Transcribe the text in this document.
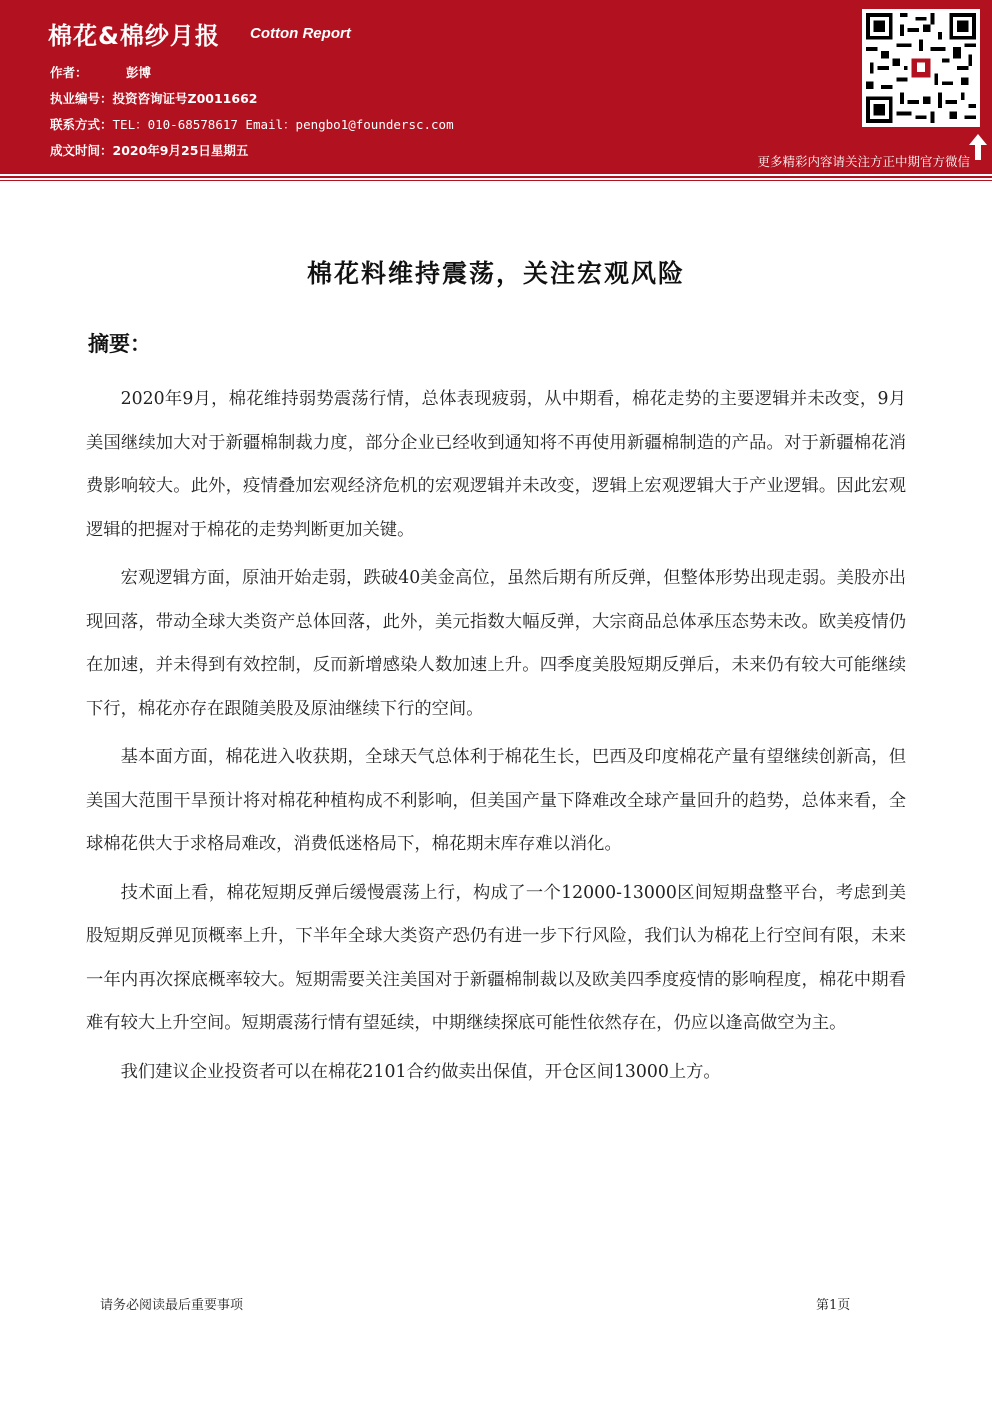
棉花&棉纱月报 Cotton Report
作者：	彭博
执业编号：投资咨询证号Z0011662
联系方式：TEL：010-68578617 Email：pengbo1@foundersc.com
成文时间：2020年9月25日星期五
更多精彩内容请关注方正中期官方微信
棉花料维持震荡，关注宏观风险
摘要：

2020年9月，棉花维持弱势震荡行情，总体表现疲弱，从中期看，棉花走势的主要逻辑并未改变，9月美国继续加大对于新疆棉制裁力度，部分企业已经收到通知将不再使用新疆棉制造的产品。对于新疆棉花消费影响较大。此外，疫情叠加宏观经济危机的宏观逻辑并未改变，逻辑上宏观逻辑大于产业逻辑。因此宏观逻辑的把握对于棉花的走势判断更加关键。

宏观逻辑方面，原油开始走弱，跌破40美金高位，虽然后期有所反弹，但整体形势出现走弱。美股亦出现回落，带动全球大类资产总体回落，此外，美元指数大幅反弹，大宗商品总体承压态势未改。欧美疫情仍在加速，并未得到有效控制，反而新增感染人数加速上升。四季度美股短期反弹后，未来仍有较大可能继续下行，棉花亦存在跟随美股及原油继续下行的空间。

基本面方面，棉花进入收获期，全球天气总体利于棉花生长，巴西及印度棉花产量有望继续创新高，但美国大范围干旱预计将对棉花种植构成不利影响，但美国产量下降难改全球产量回升的趋势，总体来看，全球棉花供大于求格局难改，消费低迷格局下，棉花期末库存难以消化。

技术面上看，棉花短期反弹后缓慢震荡上行，构成了一个12000-13000区间短期盘整平台，考虑到美股短期反弹见顶概率上升，下半年全球大类资产恐仍有进一步下行风险，我们认为棉花上行空间有限，未来一年内再次探底概率较大。短期需要关注美国对于新疆棉制裁以及欧美四季度疫情的影响程度，棉花中期看难有较大上升空间。短期震荡行情有望延续，中期继续探底可能性依然存在，仍应以逢高做空为主。

我们建议企业投资者可以在棉花2101合约做卖出保值，开仓区间13000上方。

请务必阅读最后重要事项	第1页
